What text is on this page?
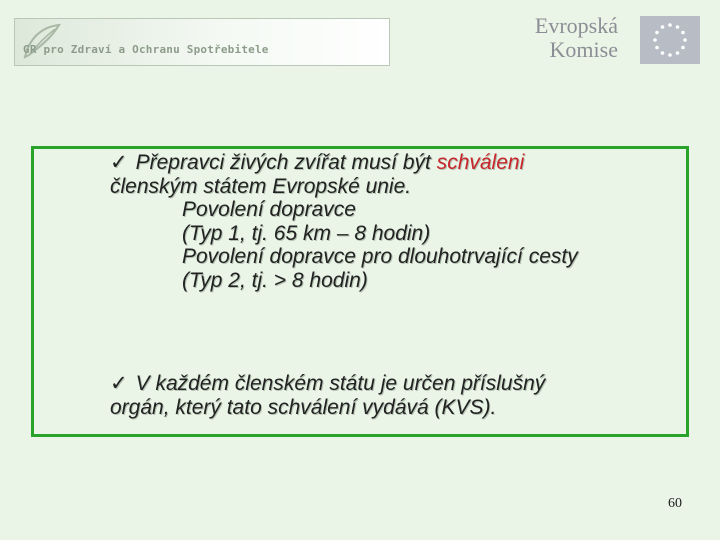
GR pro Zdraví a Ochranu Spotřebitele
Evropská
Komise
✓ Přepravci živých zvířat musí být schváleni
členským státem Evropské unie.
Povolení dopravce
(Typ 1, tj. 65 km – 8 hodin)
Povolení dopravce pro dlouhotrvající cesty
(Typ 2, tj. > 8 hodin)
✓ V každém členském státu je určen příslušný
orgán, který tato schválení vydává (KVS).
60
